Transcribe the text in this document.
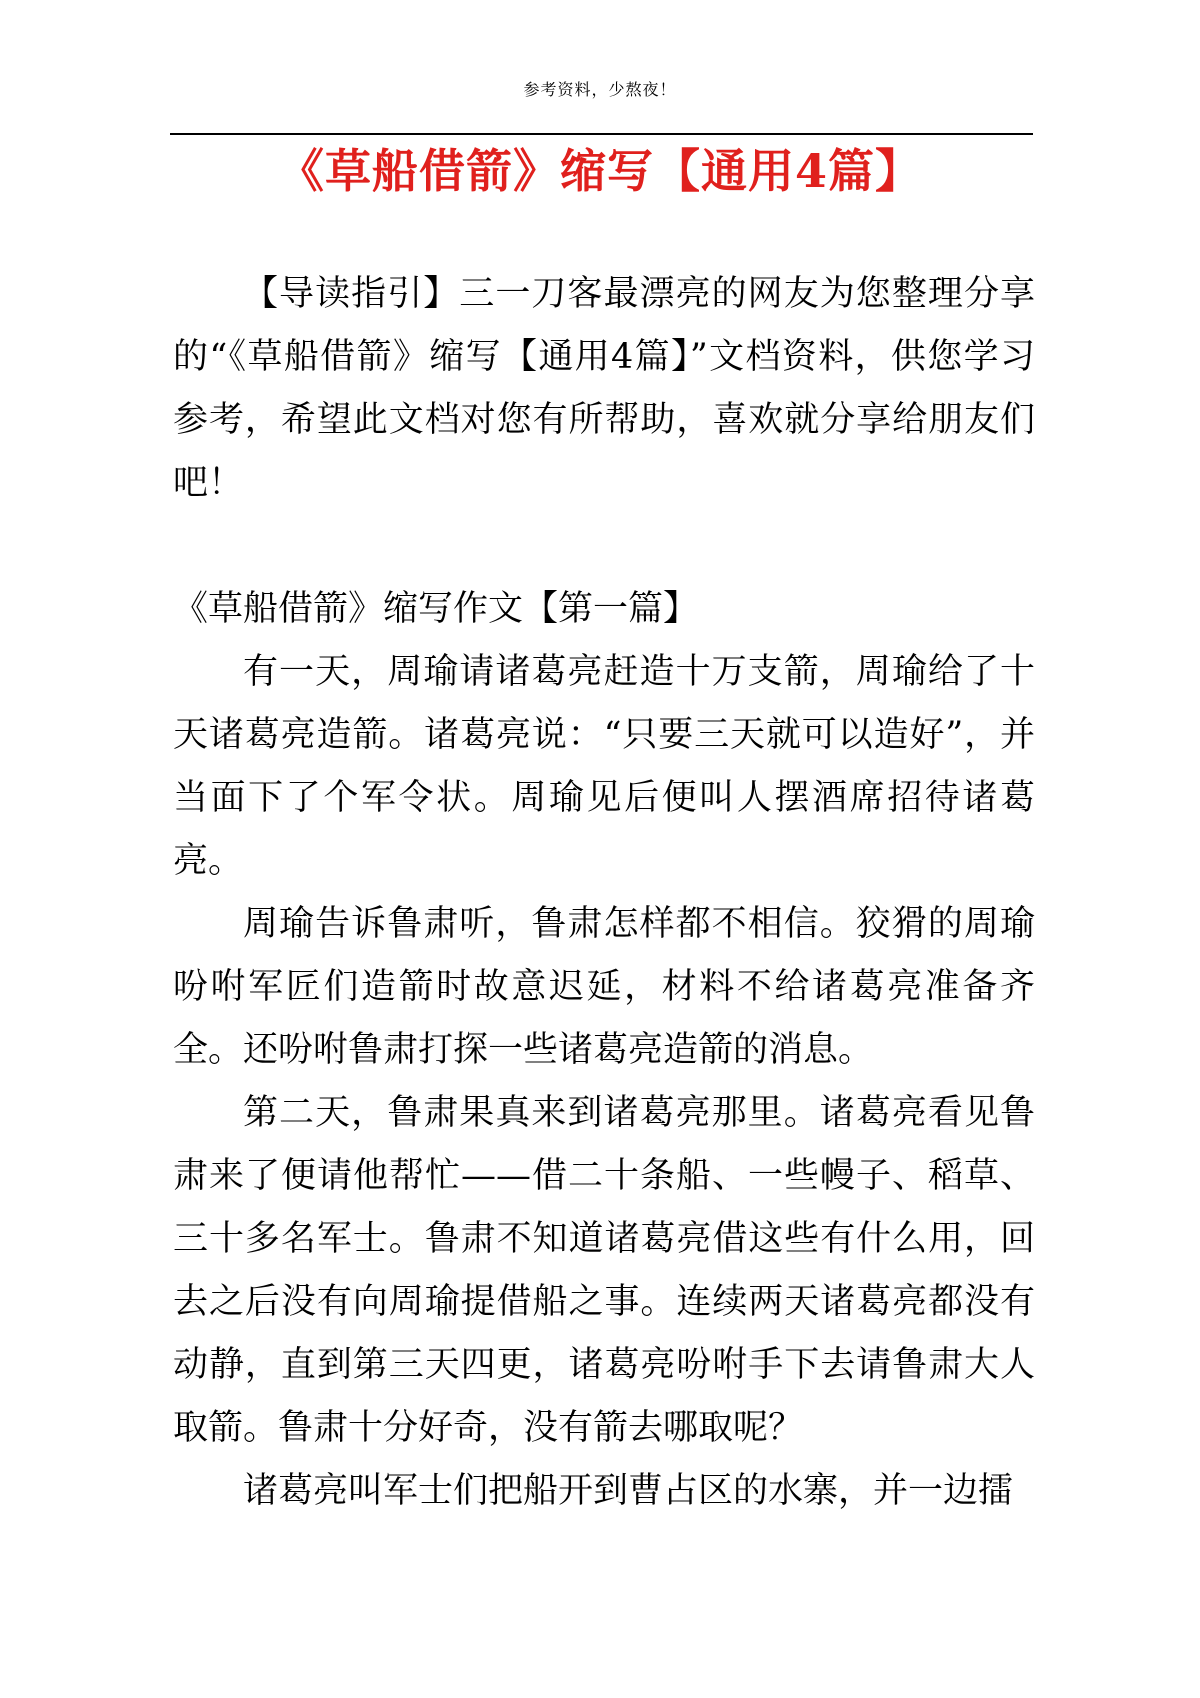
参考资料，少熬夜！
《草船借箭》缩写【通用4篇】

【导读指引】三一刀客最漂亮的网友为您整理分享的“《草船借箭》缩写【通用4篇】”文档资料，供您学习参考，希望此文档对您有所帮助，喜欢就分享给朋友们吧！

《草船借箭》缩写作文【第一篇】

有一天，周瑜请诸葛亮赶造十万支箭，周瑜给了十天诸葛亮造箭。诸葛亮说：“只要三天就可以造好”，并当面下了个军令状。周瑜见后便叫人摆酒席招待诸葛亮。

周瑜告诉鲁肃听，鲁肃怎样都不相信。狡猾的周瑜吩咐军匠们造箭时故意迟延，材料不给诸葛亮准备齐全。还吩咐鲁肃打探一些诸葛亮造箭的消息。

第二天，鲁肃果真来到诸葛亮那里。诸葛亮看见鲁肃来了便请他帮忙——借二十条船、一些幔子、稻草、三十多名军士。鲁肃不知道诸葛亮借这些有什么用，回去之后没有向周瑜提借船之事。连续两天诸葛亮都没有动静，直到第三天四更，诸葛亮吩咐手下去请鲁肃大人取箭。鲁肃十分好奇，没有箭去哪取呢？

诸葛亮叫军士们把船开到曹占区的水寨，并一边擂
